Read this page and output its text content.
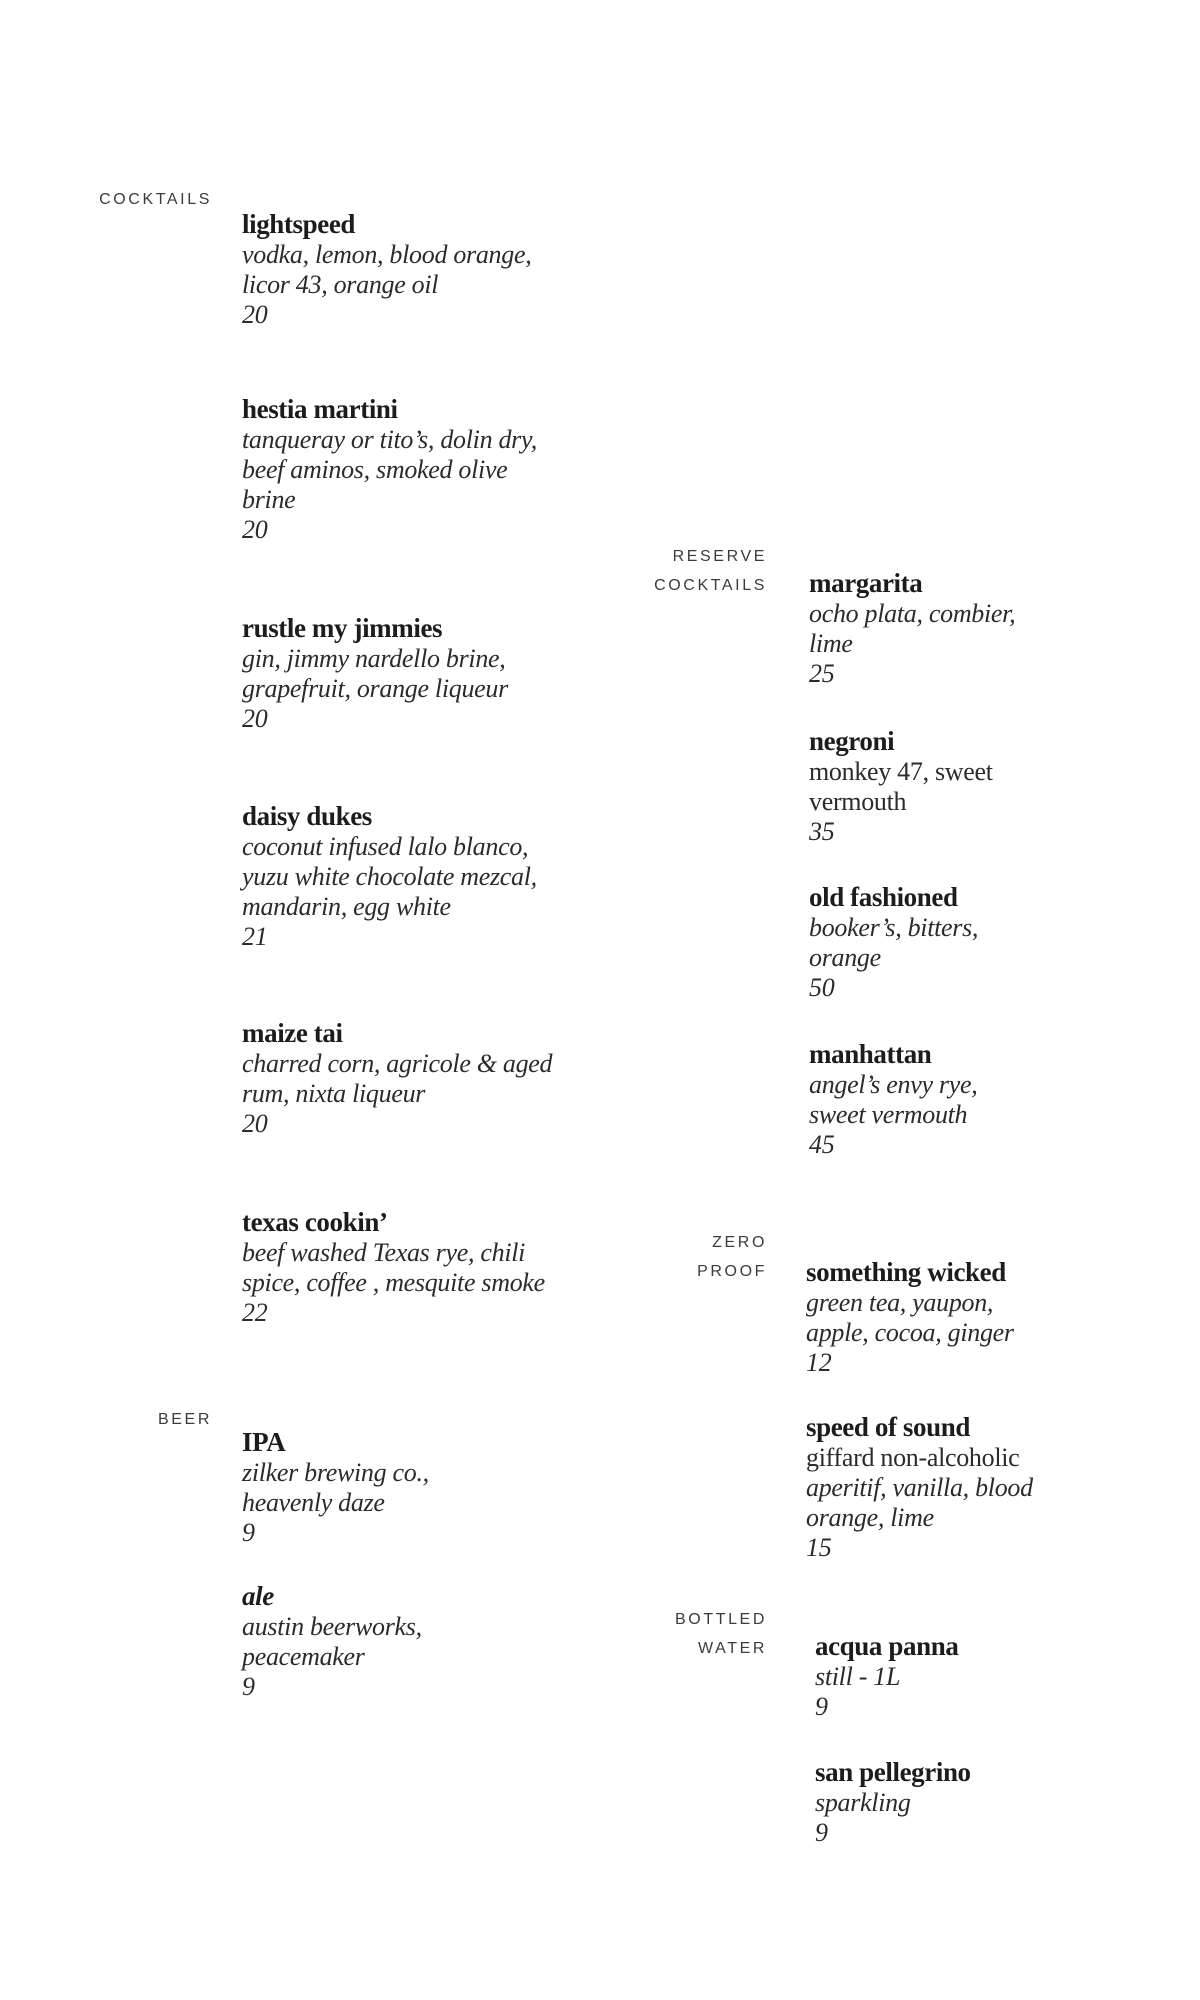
COCKTAILS
BEER
RESERVE
COCKTAILS
ZERO
PROOF
BOTTLED
WATER
lightspeed
vodka, lemon, blood orange,
licor 43, orange oil
20
hestia martini
tanqueray or tito’s, dolin dry,
beef aminos, smoked olive
brine
20
rustle my jimmies
gin, jimmy nardello brine,
grapefruit, orange liqueur
20
daisy dukes
coconut infused lalo blanco,
yuzu white chocolate mezcal,
mandarin, egg white
21
maize tai
charred corn, agricole & aged
rum, nixta liqueur
20
texas cookin’
beef washed Texas rye, chili
spice, coffee , mesquite smoke
22
IPA
zilker brewing co.,
heavenly daze
9
ale
austin beerworks,
peacemaker
9
margarita
ocho plata, combier,
lime
25
negroni
monkey 47, sweet
vermouth
35
old fashioned
booker’s, bitters,
orange
50
manhattan
angel’s envy rye,
sweet vermouth
45
something wicked
green tea, yaupon,
apple, cocoa, ginger
12
speed of sound
giffard non-alcoholic
aperitif, vanilla, blood
orange, lime
15
acqua panna
still - 1L
9
san pellegrino
sparkling
9
